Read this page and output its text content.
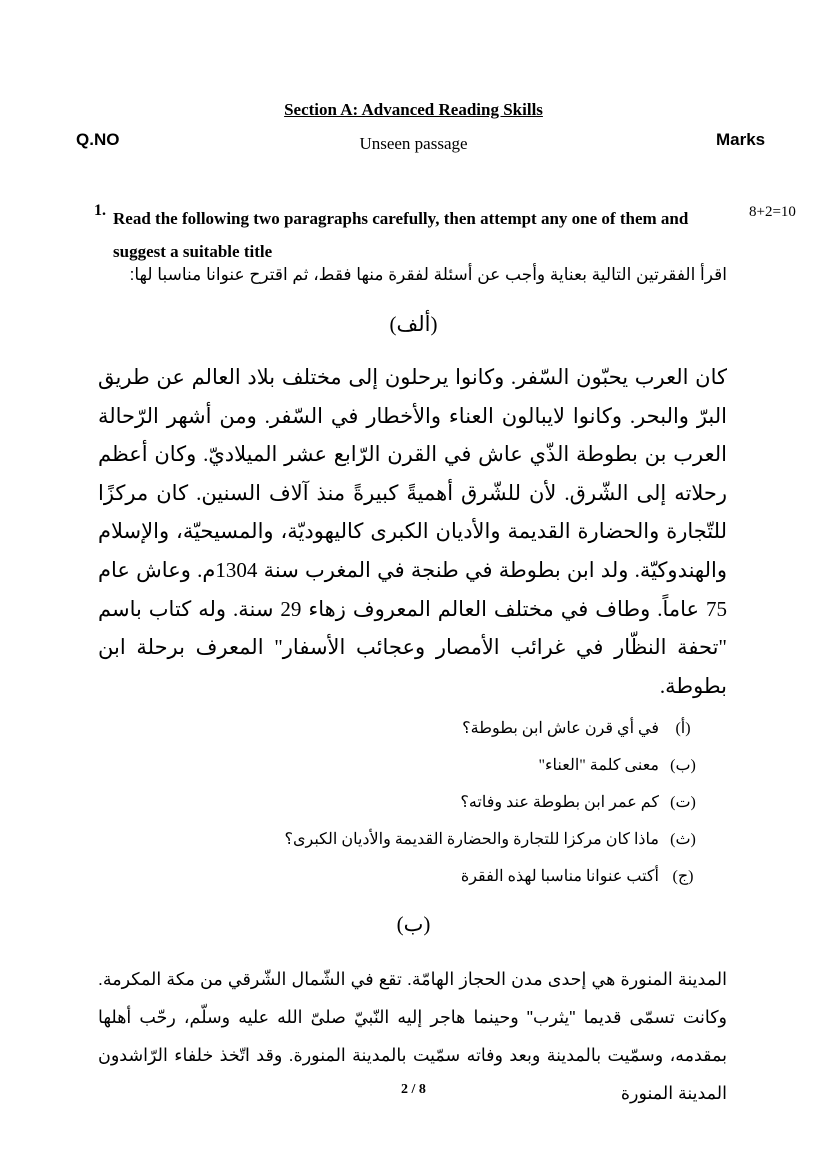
Section A: Advanced Reading Skills
Q.NO	Unseen passage	Marks
1. Read the following two paragraphs carefully, then attempt any one of them and suggest a suitable title
8+2=10
اقرأ الفقرتين التالية بعناية وأجب عن أسئلة لفقرة منها فقط، ثم اقترح عنوانا مناسبا لها:
(ألف)
كان العرب يحبّون السّفر. وكانوا يرحلون إلى مختلف بلاد العالم عن طريق البرّ والبحر. وكانوا لايبالون العناء والأخطار في السّفر. ومن أشهر الرّحالة العرب بن بطوطة الذّي عاش في القرن الرّابع عشر الميلاديّ. وكان أعظم رحلاته إلى الشّرق. لأن للشّرق أهميةً كبيرةً منذ آلاف السنين. كان مركزًا للتّجارة والحضارة القديمة والأديان الكبرى كاليهوديّة، والمسيحيّة، والإسلام والهندوكيّة. ولد ابن بطوطة في طنجة في المغرب سنة 1304م. وعاش عام 75 عاماً. وطاف في مختلف العالم المعروف زهاء 29 سنة. وله كتاب باسم "تحفة النظّار في غرائب الأمصار وعجائب الأسفار" المعرف برحلة ابن بطوطة.
(أ)
في أي قرن عاش ابن بطوطة؟
(ب)
معنى كلمة "العناء"
(ت)
كم عمر ابن بطوطة عند وفاته؟
(ث)
ماذا كان مركزا للتجارة والحضارة القديمة والأديان الكبرى؟
(ج)
أكتب عنوانا مناسبا لهذه الفقرة
(ب)
المدينة المنورة هي إحدى مدن الحجاز الهامّة. تقع في الشّمال الشّرقي من مكة المكرمة. وكانت تسمّى قديما "يثرب" وحينما هاجر إليه النّبيّ صلىّ الله عليه وسلّم، رحّب أهلها بمقدمه، وسمّيت بالمدينة وبعد وفاته سمّيت بالمدينة المنورة. وقد اتّخذ خلفاء الرّاشدون المدينة المنورة
2 / 8
